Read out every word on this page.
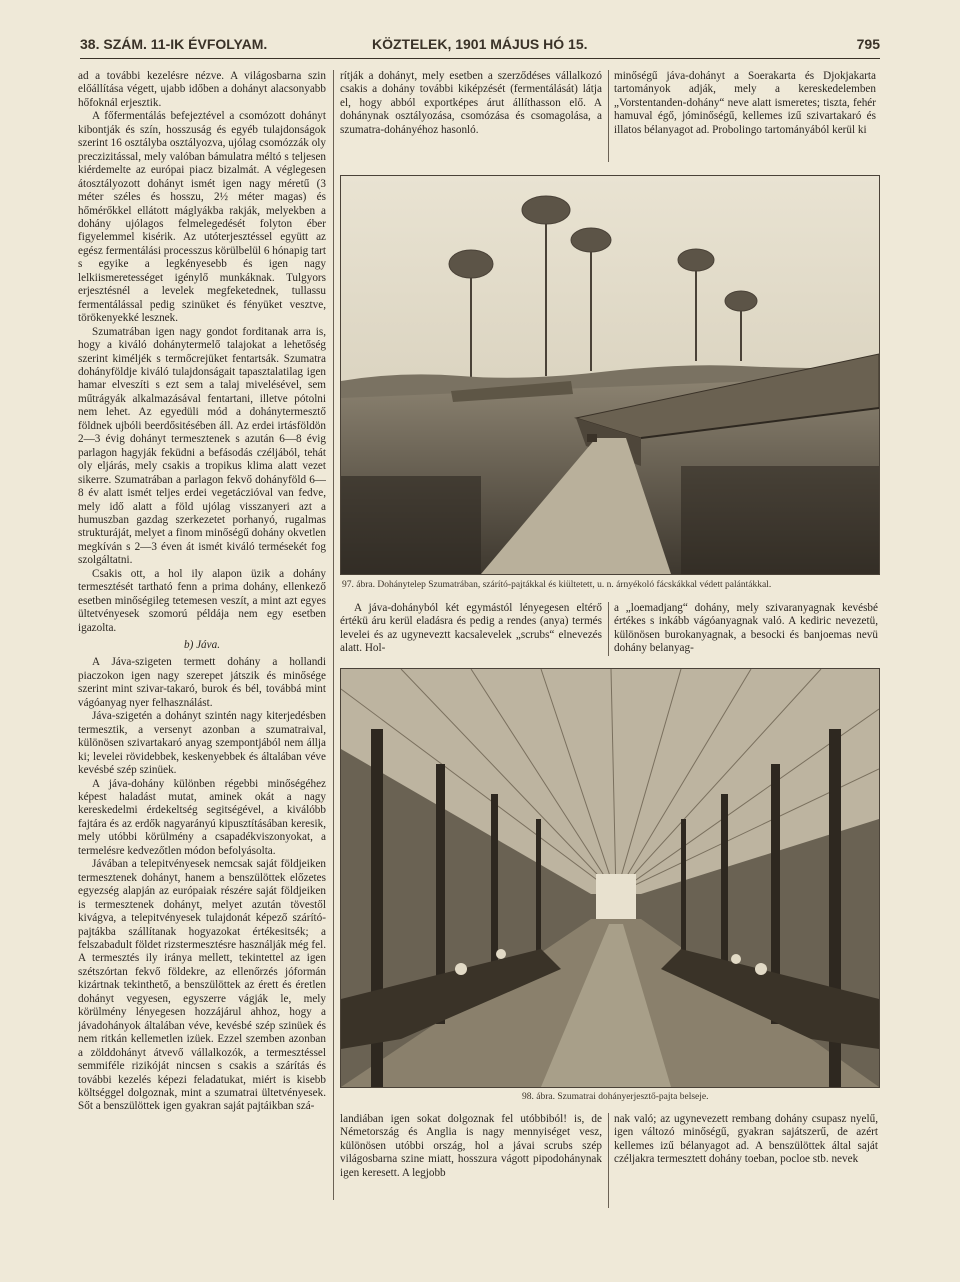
38. SZÁM. 11-IK ÉVFOLYAM.	KÖZTELEK, 1901 MÁJUS HÓ 15.	795

ad a további kezelésre nézve. A világosbarna szin előállítása végett, ujabb időben a dohányt alacsonyabb hőfoknál erjesztik.

A főfermentálás befejeztével a csomózott dohányt kibontják és szín, hosszuság és egyéb tulajdonságok szerint 16 osztályba osztályozva, ujólag csomózzák oly preczizitással, mely valóban bámulatra méltó s teljesen kiérdemelte az európai piacz bizalmát. A véglegesen átosztályozott dohányt ismét igen nagy méretű (3 méter széles és hosszu, 2½ méter magas) és hőmérőkkel ellátott máglyákba rakják, melyekben a dohány ujólagos felmelegedését folyton éber figyelemmel kisérik. Az utóterjesztéssel együtt az egész fermentálási processzus körülbelül 6 hónapig tart s egyike a legkényesebb és igen nagy lelkiismeretességet igénylő munkáknak. Tulgyors erjesztésnél a levelek megfeketednek, tullassu fermentálással pedig szinüket és fényüket vesztve, törökenyekké lesznek.

Szumatrában igen nagy gondot forditanak arra is, hogy a kiváló dohánytermelő talajokat a lehetőség szerint kiméljék s termőcrejüket fentartsák. Szumatra dohányföldje kiváló tulajdonságait tapasztalatilag igen hamar elveszíti s ezt sem a talaj mivelésével, sem műtrágyák alkalmazásával fentartani, illetve pótolni nem lehet. Az egyedüli mód a dohánytermesztő földnek ujbóli beerdősitésében áll. Az erdei irtásföldön 2—3 évig dohányt termesztenek s azután 6—8 évig parlagon hagyják feküdni a befásodás czéljából, tehát oly eljárás, mely csakis a tropikus klima alatt vezet sikerre. Szumatrában a parlagon fekvő dohányföld 6—8 év alatt ismét teljes erdei vegetáczióval van fedve, mely idő alatt a föld ujólag visszanyeri azt a humuszban gazdag szerkezetet porhanyó, rugalmas strukturáját, melyet a finom minőségű dohány okvetlen megkíván s 2—3 éven át ismét kiváló termésekét fog szolgáltatni.

Csakis ott, a hol ily alapon üzik a dohány termesztését tartható fenn a prima dohány, ellenkező esetben minőségileg tetemesen veszít, a mint azt egyes ültetvényesek szomorú példája nem egy esetben igazolta.

b) Jáva.

A Jáva-szigeten termett dohány a hollandi piaczokon igen nagy szerepet játszik és minősége szerint mint szivar-takaró, burok és bél, továbbá mint vágóanyag nyer felhasználást.

Jáva-szigetén a dohányt szintén nagy kiterjedésben termesztik, a versenyt azonban a szumatraival, különösen szivartakaró anyag szempontjából nem állja ki; levelei rövidebbek, keskenyebbek és általában véve kevésbé szép szinüek.

A jáva-dohány különben régebbi minőségéhez képest haladást mutat, aminek okát a nagy kereskedelmi érdekeltség segitségével, a kiválóbb fajtára és az erdők nagyarányú kipusztításában keresik, mely utóbbi körülmény a csapadékviszonyokat, a termelésre kedvezőtlen módon befolyásolta.

Jávában a telepitvényesek nemcsak saját földjeiken termesztenek dohányt, hanem a benszülöttek előzetes egyezség alapján az európaiak részére saját földjeiken is termesztenek dohányt, melyet azután tövestől kivágva, a telepitvényesek tulajdonát képező szárító-pajtákba szállítanak hogyazokat értékesitsék; a felszabadult földet rizstermesztésre használják még fel. A termesztés ily iránya mellett, tekintettel az igen szétszórtan fekvő földekre, az ellenőrzés jóformán kizártnak tekinthető, a benszülöttek az érett és éretlen dohányt vegyesen, egyszerre vágják le, mely körülmény lényegesen hozzájárul ahhoz, hogy a jávadohányok általában véve, kevésbé szép szinüek és nem ritkán kellemetlen izüek. Ezzel szemben azonban a zölddohányt átvevő vállalkozók, a termesztéssel semmiféle rizikóját nincsen s csakis a szárítás és további kezelés képezi feladatukat, miért is kisebb költséggel dolgoznak, mint a szumatrai ültetvényesek. Sőt a benszülöttek igen gyakran saját pajtáikban szá-

rítják a dohányt, mely esetben a szerződéses vállalkozó csakis a dohány további kiképzését (fermentálását) látja el, hogy abból exportképes árut állíthasson elő. A dohánynak osztályozása, csomózása és csomagolása, a szumatra-dohányéhoz hasonló.

minőségű jáva-dohányt a Soerakarta és Djokjakarta tartományok adják, mely a kereskedelemben „Vorstentanden-dohány“ neve alatt ismeretes; tiszta, fehér hamuval égő, jóminőségű, kellemes izű szivartakaró és illatos bélanyagot ad. Probolingo tartományából kerül ki

97. ábra. Dohánytelep Szumatrában, szárító-pajtákkal és kiültetett, u. n. árnyékoló fácskákkal védett palántákkal.

A jáva-dohányból két egymástól lényegesen eltérő értékü áru kerül eladásra és pedig a rendes (anya) termés levelei és az ugyneveztt kacsalevelek „scrubs“ elnevezés alatt. Hol-

a „loemadjang“ dohány, mely szivaranyagnak kevésbé értékes s inkább vágóanyagnak való. A kediric nevezetü, különösen burokanyagnak, a besocki és banjoemas nevü dohány belanyag-

98. ábra. Szumatrai dohányerjesztő-pajta belseje.

landiában igen sokat dolgoznak fel utóbbiból! is, de Németország és Anglia is nagy mennyiséget vesz, különösen utóbbi ország, hol a jávai scrubs szép világosbarna szine miatt, hosszura vágott pipodohánynak igen keresett. A legjobb

nak való; az ugynevezett rembang dohány csupasz nyelű, igen változó minőségű, gyakran sajátszerű, de azért kellemes izű bélanyagot ad. A benszülöttek által saját czéljakra termesztett dohány toeban, pocloe stb. nevek
